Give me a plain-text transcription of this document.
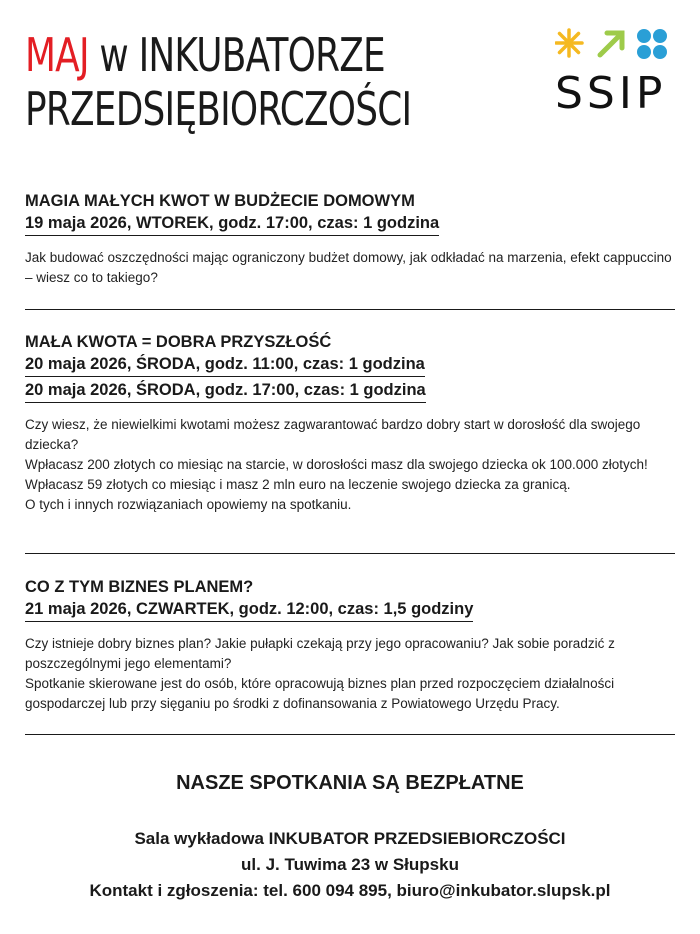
MAJ w INKUBATORZE
PRZEDSIĘBIORCZOŚCI	SSIP
MAGIA MAŁYCH KWOT W BUDŻECIE DOMOWYM
19 maja 2026, WTOREK, godz. 17:00, czas: 1 godzina

Jak budować oszczędności mając ograniczony budżet domowy, jak odkładać na marzenia, efekt cappuccino – wiesz co to takiego?

MAŁA KWOTA = DOBRA PRZYSZŁOŚĆ
20 maja 2026, ŚRODA, godz. 11:00, czas: 1 godzina
20 maja 2026, ŚRODA, godz. 17:00, czas: 1 godzina

Czy wiesz, że niewielkimi kwotami możesz zagwarantować bardzo dobry start w dorosłość dla swojego dziecka?

Wpłacasz 200 złotych co miesiąc na starcie, w dorosłości masz dla swojego dziecka ok 100.000 złotych!

Wpłacasz 59 złotych co miesiąc i masz 2 mln euro na leczenie swojego dziecka za granicą.

O tych i innych rozwiązaniach opowiemy na spotkaniu.

CO Z TYM BIZNES PLANEM?
21 maja 2026, CZWARTEK, godz. 12:00, czas: 1,5 godziny

Czy istnieje dobry biznes plan? Jakie pułapki czekają przy jego opracowaniu? Jak sobie poradzić z poszczególnymi jego elementami?

Spotkanie skierowane jest do osób, które opracowują biznes plan przed rozpoczęciem działalności gospodarczej lub przy sięganiu po środki z dofinansowania z Powiatowego Urzędu Pracy.

NASZE SPOTKANIA SĄ BEZPŁATNE
Sala wykładowa INKUBATOR PRZEDSIEBIORCZOŚCI
ul. J. Tuwima 23 w Słupsku
Kontakt i zgłoszenia: tel. 600 094 895, biuro@inkubator.slupsk.pl
